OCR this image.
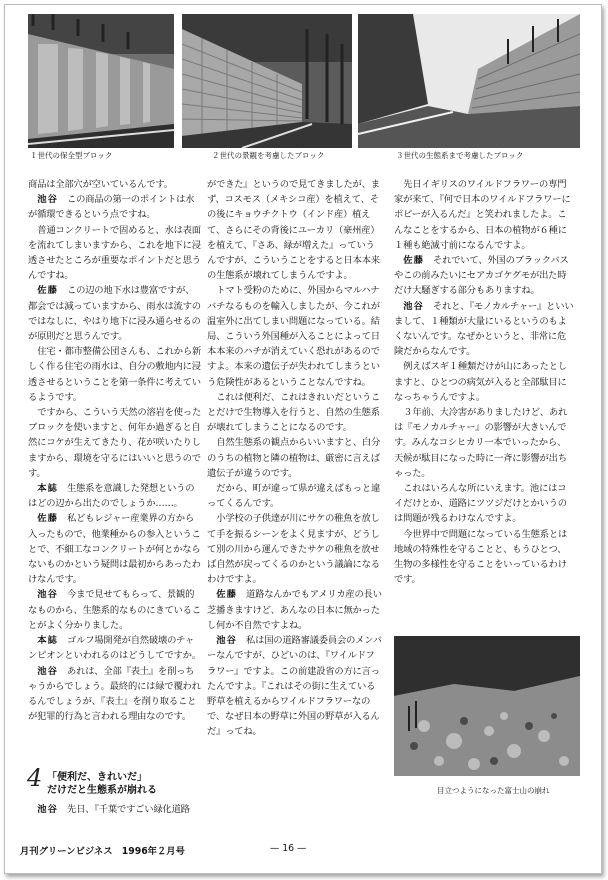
１世代の保全型ブロック	２世代の景観を考慮したブロック	３世代の生態系まで考慮したブロック

商品は全部穴が空いているんです。

池谷　 この商品の第一のポイントは水が循環できるという点ですね。

普通コンクリートで固めると、水は表面を流れてしまいますから、これを地下に浸透させたところが重要なポイントだと思うんですね。

佐藤　 この辺の地下水は豊富ですが、都会では減っていますから、雨水は流すのではなしに、やはり地下に浸み通らせるのが原則だと思うんです。

住宅・都市整備公団さんも、これから新しく作る住宅の雨水は、自分の敷地内に浸透させるということを第一条件に考えているようです。

ですから、こういう天然の溶岩を使ったブロックを使いますと、何年か過ぎると自然にコケが生えてきたり、花が咲いたりしますから、環境を守るにはいいと思うのです。

本誌　 生態系を意識した発想というのはどの辺から出たのでしょうか……。

佐藤　 私どもレジャー産業界の方から入ったもので、他業種からの参入ということで、不細工なコンクリートが何とかならないものかという疑問は最初からあったわけなんです。

池谷　 今まで見せてもらって、景観的なものから、生態系的なものにきていることがよく分かりました。

本誌　 ゴルフ場開発が自然破壊のチャンピオンといわれるのはどうしてですか。

池谷　 あれは、全部『表土』を削っちゃうからでしょう。最終的には緑で覆われるんでしょうが、『表土』を削り取ることが犯罪的行為と言われる理由なのです。

4 「便利だ、きれいだ」
だけだと生態系が崩れる

池谷　 先日、『千葉ですごい緑化道路

ができた』というので見てきましたが、まず、コスモス（メキシコ産）を植えて、その後にキョウチクトウ（インド産）植えて、さらにその背後にユーカリ（豪州産）を植えて、『さあ、緑が増えた』っていうんですが、こういうことをすると日本本来の生態系が壊れてしまうんですよ。

トマト受粉のために、外国からマルハナバチなるものを輸入しましたが、今これが温室外に出てしまい問題になっている。結局、こういう外国種が入ることによって日本本来のハチが消えていく恐れがあるのですよ。本来の遺伝子が失われてしまうという危険性があるということなんですね。

これは便利だ、これはきれいだということだけで生物導入を行うと、自然の生態系が壊れてしまうことになるのです。

自然生態系の観点からいいますと、白分のうちの植物と隣の植物は、厳密に言えば遺伝子が違うのです。

だから、町が違って県が違えばもっと違ってくるんです。

小学校の子供達が川にサケの稚魚を放して手を振るシーンをよく見ますが、どうして別の川から運んできたサケの稚魚を放せば自然が戻ってくるのかという議論になるわけですよ。

佐藤　 道路なんかでもアメリカ産の長い芝播きますけど、あんなの日本に無かったし何か不自然ですよね。

池谷　 私は国の道路審議委員会のメンバーなんですが、ひどいのは、『ワイルドフラワー』ですよ。この前建設省の方に言ったんですよ。『これはその街に生えている野草を植えるからワイルドフラワーなので、なぜ日本の野草に外国の野草が入るんだ』ってね。

先日イギリスのワイルドフラワーの専門家が来て、『何で日本のワイルドフラワーにポピーが入るんだ』と笑われましたよ。こんなことをするから、日本の植物が６種に１種も絶滅寸前になるんですよ。

佐藤　 それでいて、外国のブラックバスやこの前みたいにセアカゴケグモが出た時だけ大騒ぎする部分もありますね。

池谷　 それと、『モノカルチャー』といいまして、１種類が大量にいるというのもよくないんです。なぜかというと、非常に危険だからなんです。

例えばスギ１種類だけが山にあったとしますと、ひとつの病気が入ると全部駄目になっちゃうんですよ。

３年前、大冷害がありましたけど、あれは『モノカルチャー』の影響が大きいんです。みんなコシヒカリ一本でいったから、天候が駄目になった時に一斉に影響が出ちゃった。

これはいろんな所にいえます。池にはコイだけとか、道路にツツジだけとかいうのは問題が残るわけなんですよ。

今世界中で問題になっている生態系とは地域の特殊性を守ることと、もうひとつ、生物の多様性を守ることをいっているわけです。

目立つようになった富士山の崩れ
月刊グリーンビジネス　1996年２月号	— 16 —
